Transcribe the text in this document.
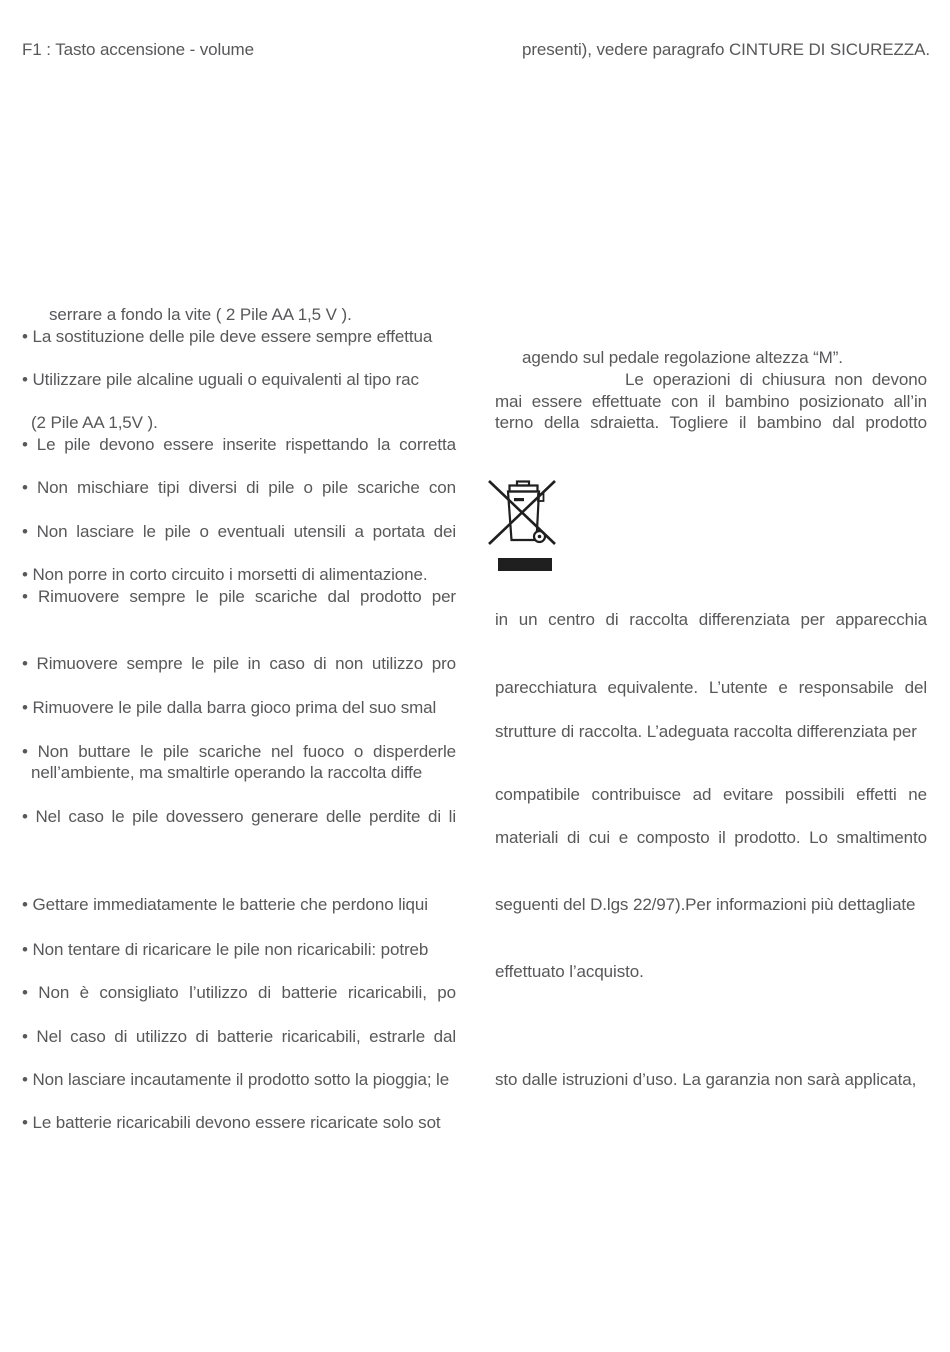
F1 : Tasto accensione - volume
serrare a fondo la vite ( 2 Pile AA 1,5 V ).
• La sostituzione delle pile deve essere sempre effettua
• Utilizzare pile alcaline uguali o equivalenti al tipo rac
(2 Pile AA 1,5V ).
• Le pile devono essere inserite rispettando la corretta
• Non mischiare tipi diversi di pile o pile scariche con
• Non lasciare le pile o eventuali utensili a portata dei
• Non porre in corto circuito i morsetti di alimentazione.
• Rimuovere sempre le pile scariche dal prodotto per
• Rimuovere sempre le pile in caso di non utilizzo pro
• Rimuovere le pile dalla barra gioco prima del suo smal
• Non buttare le pile scariche nel fuoco o disperderle
nell’ambiente, ma smaltirle operando la raccolta diffe
• Nel caso le pile dovessero generare delle perdite di li
• Gettare immediatamente le batterie che perdono liqui
• Non tentare di ricaricare le pile non ricaricabili: potreb
• Non è consigliato l’utilizzo di batterie ricaricabili, po
• Nel caso di utilizzo di batterie ricaricabili, estrarle dal
• Non lasciare incautamente il prodotto sotto la pioggia; le
• Le batterie ricaricabili devono essere ricaricate solo sot
presenti), vedere paragrafo CINTURE DI SICUREZZA.
agendo sul pedale regolazione altezza “M”.
Le operazioni di chiusura non devono
mai essere effettuate con il bambino posizionato all’in
terno della sdraietta. Togliere il bambino dal prodotto
in un centro di raccolta differenziata per apparecchia
parecchiatura equivalente. L’utente e responsabile del
strutture di raccolta. L’adeguata raccolta differenziata per
compatibile contribuisce ad evitare possibili effetti ne
materiali di cui e composto il prodotto. Lo smaltimento
seguenti del D.lgs 22/97).Per informazioni più dettagliate
effettuato l’acquisto.
sto dalle istruzioni d’uso. La garanzia non sarà applicata,
